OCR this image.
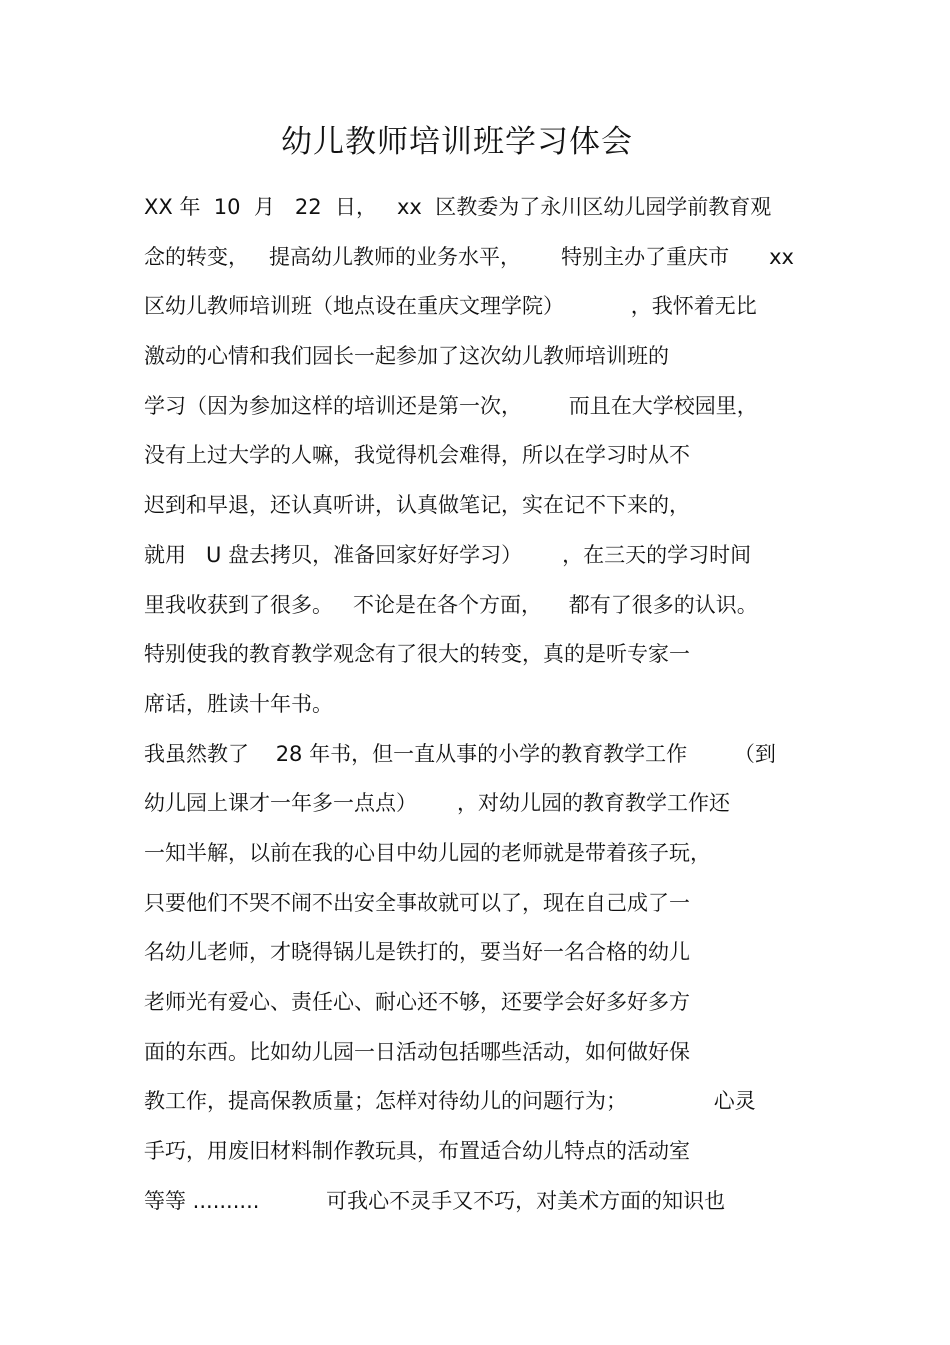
幼儿教师培训班学习体会
XX 年  10  月   22  日，   xx  区教委为了永川区幼儿园学前教育观
念的转变，   提高幼儿教师的业务水平，      特别主办了重庆市      xx
区幼儿教师培训班（地点设在重庆文理学院）          ，我怀着无比
激动的心情和我们园长一起参加了这次幼儿教师培训班的
学习（因为参加这样的培训还是第一次，       而且在大学校园里，
没有上过大学的人嘛，我觉得机会难得，所以在学习时从不
迟到和早退，还认真听讲，认真做笔记，实在记不下来的，
就用   U 盘去拷贝，准备回家好好学习）      ，在三天的学习时间
里我收获到了很多。   不论是在各个方面，    都有了很多的认识。
特别使我的教育教学观念有了很大的转变，真的是听专家一
席话，胜读十年书。
我虽然教了    28 年书，但一直从事的小学的教育教学工作       （到
幼儿园上课才一年多一点点）      ，对幼儿园的教育教学工作还
一知半解，以前在我的心目中幼儿园的老师就是带着孩子玩，
只要他们不哭不闹不出安全事故就可以了，现在自己成了一
名幼儿老师，才晓得锅儿是铁打的，要当好一名合格的幼儿
老师光有爱心、责任心、耐心还不够，还要学会好多好多方
面的东西。比如幼儿园一日活动包括哪些活动，如何做好保
教工作，提高保教质量；怎样对待幼儿的问题行为；             心灵
手巧，用废旧材料制作教玩具，布置适合幼儿特点的活动室
等等 ..........          可我心不灵手又不巧，对美术方面的知识也
